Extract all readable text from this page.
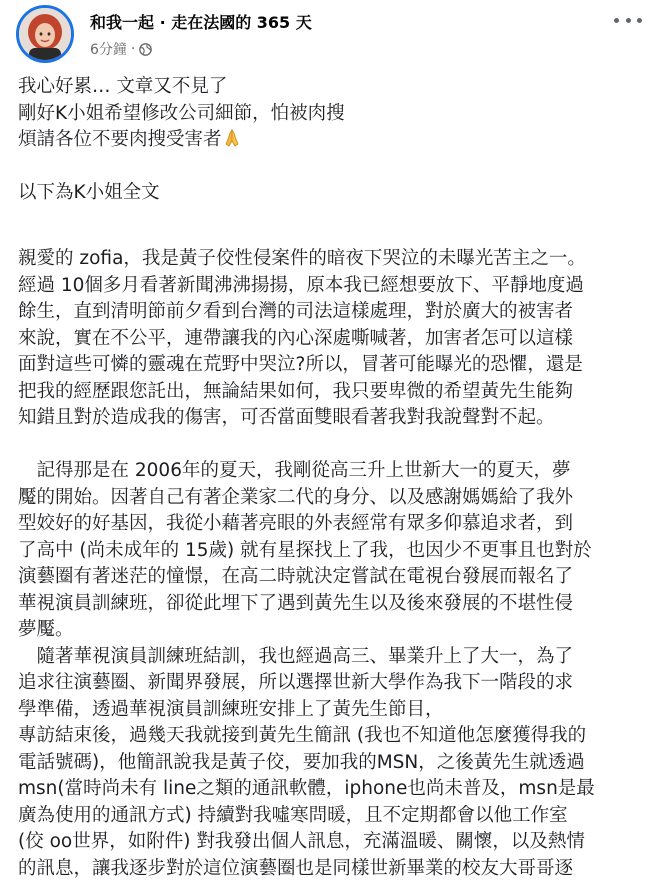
和我一起 · 走在法國的 365 天
6分鐘 ·
我心好累… 文章又不見了
剛好K小姐希望修改公司細節，怕被肉搜
煩請各位不要肉搜受害者
以下為K小姐全文
親愛的 zofia，我是黃子佼性侵案件的暗夜下哭泣的未曝光苦主之一。
經過 10個多月看著新聞沸沸揚揚，原本我已經想要放下、平靜地度過
餘生，直到清明節前夕看到台灣的司法這樣處理，對於廣大的被害者
來說，實在不公平，連帶讓我的內心深處嘶喊著，加害者怎可以這樣
面對這些可憐的靈魂在荒野中哭泣?所以，冒著可能曝光的恐懼，還是
把我的經歷跟您託出，無論結果如何，我只要卑微的希望黃先生能夠
知錯且對於造成我的傷害，可否當面雙眼看著我對我說聲對不起。
　記得那是在 2006年的夏天，我剛從高三升上世新大一的夏天，夢
魘的開始。因著自己有著企業家二代的身分、以及感謝媽媽給了我外
型姣好的好基因，我從小藉著亮眼的外表經常有眾多仰慕追求者，到
了高中 (尚未成年的 15歲) 就有星探找上了我，也因少不更事且也對於
演藝圈有著迷茫的憧憬，在高二時就決定嘗試在電視台發展而報名了
華視演員訓練班，卻從此埋下了遇到黃先生以及後來發展的不堪性侵
夢魘。
　隨著華視演員訓練班結訓，我也經過高三、畢業升上了大一，為了
追求往演藝圈、新聞界發展，所以選擇世新大學作為我下一階段的求
學準備，透過華視演員訓練班安排上了黃先生節目，
專訪結束後，過幾天我就接到黃先生簡訊 (我也不知道他怎麼獲得我的
電話號碼)，他簡訊說我是黃子佼，要加我的MSN，之後黃先生就透過
msn(當時尚未有 line之類的通訊軟體，iphone也尚未普及，msn是最
廣為使用的通訊方式) 持續對我噓寒問暖，且不定期都會以他工作室
(佼 oo世界，如附件) 對我發出個人訊息，充滿溫暖、關懷，以及熱情
的訊息，讓我逐步對於這位演藝圈也是同樣世新畢業的校友大哥哥逐
